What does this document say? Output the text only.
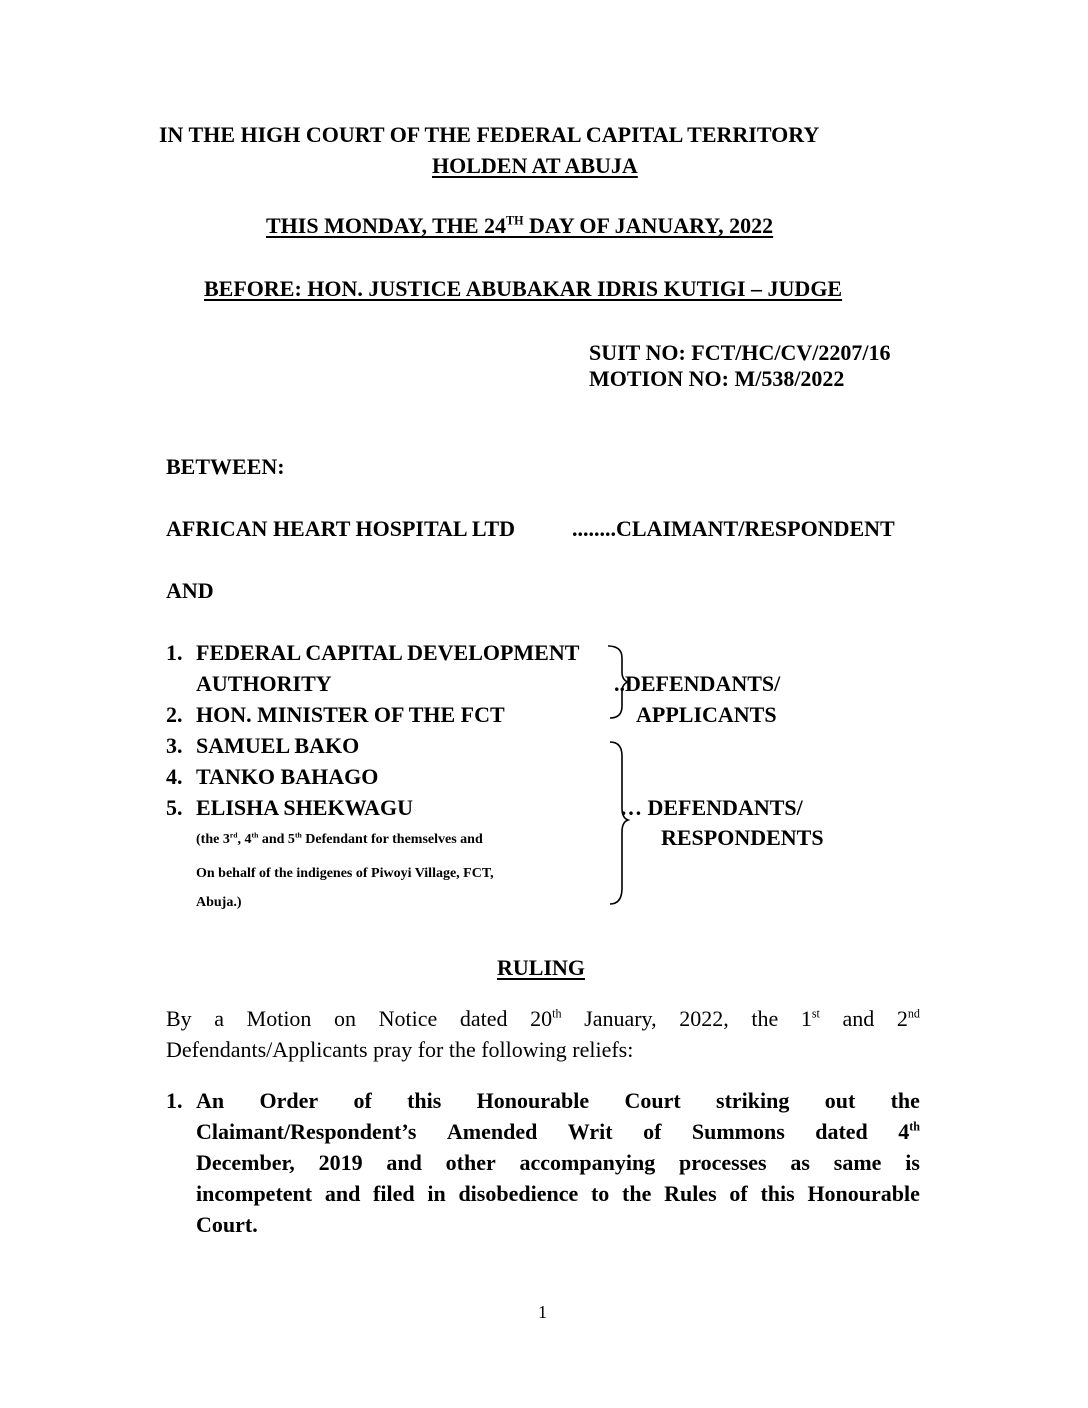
IN THE HIGH COURT OF THE FEDERAL CAPITAL TERRITORY
HOLDEN AT ABUJA
THIS MONDAY, THE 24TH DAY OF JANUARY, 2022
BEFORE: HON. JUSTICE ABUBAKAR IDRIS KUTIGI – JUDGE
SUIT NO: FCT/HC/CV/2207/16
MOTION NO: M/538/2022
BETWEEN:
AFRICAN HEART HOSPITAL LTD	........CLAIMANT/RESPONDENT
AND
1. FEDERAL CAPITAL DEVELOPMENT
AUTHORITY
2. HON. MINISTER OF THE FCT
3. SAMUEL BAKO
4. TANKO BAHAGO
5. ELISHA SHEKWAGU
..DEFENDANTS/
APPLICANTS
… DEFENDANTS/
RESPONDENTS
(the 3rd, 4th and 5th Defendant for themselves and
On behalf of the indigenes of Piwoyi Village, FCT,
Abuja.)
RULING
By a Motion on Notice dated 20th January, 2022, the 1st and 2nd
Defendants/Applicants pray for the following reliefs:
1. An Order of this Honourable Court striking out the
Claimant/Respondent’s Amended Writ of Summons dated 4th
December, 2019 and other accompanying processes as same is
incompetent and filed in disobedience to the Rules of this Honourable
Court.
1
